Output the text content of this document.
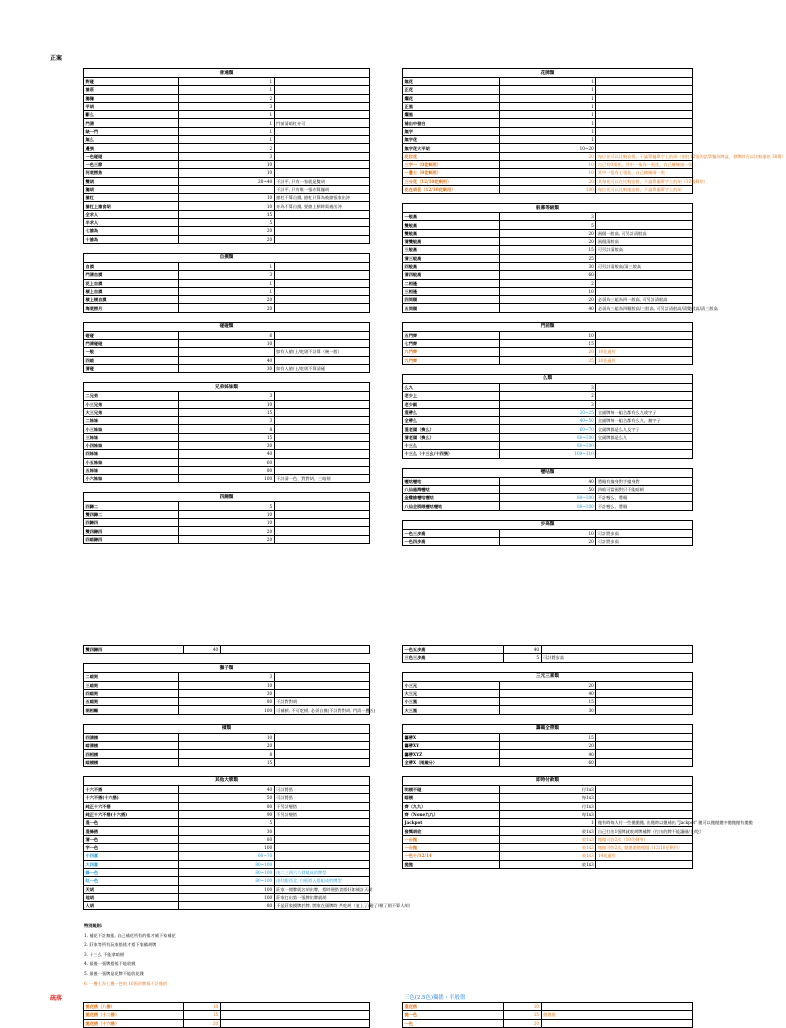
正案
普通類		
對碰	1	
搶莊	1	
獨獨	2	
平胡	3	
斷么	1	
門清	1	門前清暗杠亦可
缺一門	1	
無么	1	
邊張	2	
一色碰碰	3	
一色三節	10	
河底撈魚	10	
雙胡	20~40	不計平, 只有一家就是雙胡
獨胡		不計平, 只有唯一張亦算獨胡
搶杠	10	搶杠不算自摸, 搶杠只算為被搶張家出沖
搶杠上搶食胡	10	亦為不算自摸, 要搶上槓時需被出沖
全求人	15	
半求人	5	
七搶為	20	
十搶為	20	
自摸類		
自摸	1	
門清自摸	3	
花上自摸	1	
槓上自摸	1	
槓上槓自摸	20	
海底撈月	20	
碰碰類		
碰碰	6	
門清碰碰	10	
一般		如有人搶/上/吃則不計算（統一般）
四暗	40	
清碰	30	如有人搶/上/吃則不算清碰
兄弟姊妹類		
二兄弟	3	
小三兄弟	10	
大三兄弟	15	
二姊妹	3	
小三姊妹	8	
三姊妹	15	
小四姊妹	30	
四姊妹	40	
小五姊妹	60	
五姊妹	80	
小六姊妹	100	不計清一色、對對胡、三暗刻
四歸類		
四歸二	5	
雙四歸二	10	
四歸四	10	
雙四歸四	20	
四暗歸四	20	
花牌類		
無花	1	
正花	1	
爛花	1	
正風	1	
爛風	1	
補出中發白	1	
無字	1	
無字花	1	
無字花大平胡	10~20	
花位花	20	每位花可以比較安排，不論單獨單字上的胡（如打12張的話單獨為牌盒，發牌時可以比較地花 30番）
三字一（0花剩用）	10	自己有0張花，其中一張為一張花，自己擁擁兩一張
一疊七（0花剩用）	10	其中一張有七張花，自己擁擁兩一張
三分花（12/10花剩用）	20	其每花可以在比較安排，不論單獨單字上的胡（12張剩用）
花在胡花（12/10花剩用）	100	每位花可以比較地安排，不論單獨單字上的胡
般幕等級類		
一般高	3	
雙般高	5	
雙般高	20	兩個一般高, 可另計清般高
清雙般高	20	兩個清般高
三般高	15	可另計清般高
清三般高	25	
四般高	30	可另計清般高/清三般高
清四般高	60	
二相逢	2	
三相逢	10	
四同順	20	必須為三組為四一般高, 可另計清般高
五同順	40	必須為三組為四順般高/三般高, 可另計清般高/清雙般高/清三般高
門前類		
五門齊	10	
七門齊	15	
九門齊	20	10花適用
九門齊	25	10花適用
么類		
么九	3	
老少上	2	
老少副	3	
混帶么	20~25	全副牌每一組合都有么九或字子
全帶么	40~50	全副牌每一組合都有么九，無字子
混老頭（換么）	60~70	全副牌都是么九及字子
清老頭（換么）	80~100	全副牌都是么九
十三么	80~100	
十三么（十三幺/十四張）	100~110	
嚦咕類		
嚦咕嚦咕	40	將眼有撞身對手撞身對
八仙過海嚦咕	50	四暗可當兩對只不能暗槓
金雞搶嚦咕嚦咕	80~100	不計嚦么、將眼
八仙全將眼嚦咕嚦咕	80~100	不計嚦么、將眼
步高類		
一色三步高	10	可計將步高
一色四步高	20	可計將步高
雙四歸四	40	
獅子類		
二暗刻	3	
三暗刻	10	
四暗刻	30	
五暗刻	80	不計對對胡
兩相輔	100	可補槓, 不可吃槓, 必須自摸(不計對對胡, 門清一疊五)
槓類		
四清槓	10	
暗清槓	20	
四相槓	8	
暗槓槓	15	
其他大牌類		
十六不搭	40	可計將搭
十六不搭(十六搭)	50	可計將搭
純正十六不搭	80	不另計嚦搭
純正十六不搭(十六搭)	90	不另計嚦搭
混一色	5	
混條搭	30	
清一色	80	
字一色	100	
小四喜	60~70	
大四喜	80~100	
綠一色	80~100	由二三四六八發組成的牌型
紅一色	80~100	由紅跟西北, 白板搭入搭組成的牌型
天胡	100	莊家一開牌就名胡出牌，搭時便搭食搭好如補計天胡
地胡	100	莊家打出第一張牌出牌就胡
人胡	80	不是莊家摸牌於牌, 閒家在頭牌時 共吃胡（並上了/碰了/槓了則不算人胡）
一色五步高	40	
三色三步高	5	可計將步高
三元三喜類		
小三元	20	
大三元	40	
小三風	15	
大三風	30	
籌碼全帶類		
籌帶X	15	
籌帶XY	20	
籌帶XYZ	40	
全帶X（兩歲分）	60	
即時付款類		
明槓不碰	付1x3	
暗槓	每1x3	
齊（九九）	付1x3	
齊（None九九）	每1x3	
Jackpot	1	拋有時每人付一些拋拋拋, 出拋時以拋補出 "Jackpot" 拋可以拋拋拋中拋拋拋有拋拋
發獎胡收	收1x3	自己打出1張牌就收胡牌補牌（打出的牌不能讓碰/上/吃）
一台拋	收1x3	拋拋可收2次（10花剩用）
一台拋	收1x3	拋拋可收2次, 拋拋拋拋拋拋（12/10花剩用）
一色十/12/14	收1x3	14花適用
拋拋	收1x3	
特別規則:
1. 補花不計無搖, 自己補花所有的搖才補下家補花
2. 莊家等所有玩家搭搖才搭下家續胡牌
3. 十三么 不能拿暗槓
4. 最後一張牌搭搖不能收錢
5. 最後一張牌是花牌不能收花錢
6. 一疊七為七疊一色的 16張的牌規不計拋搭
疏落	三色(2.5色)獨搖・半般盤
拋花搭（八搭）	10	
拋花搭（十二搭）	15	
拋花搭（十六搭）	20	
混花搭	10	
拋一色	15	拋拋拋
一色	20	
